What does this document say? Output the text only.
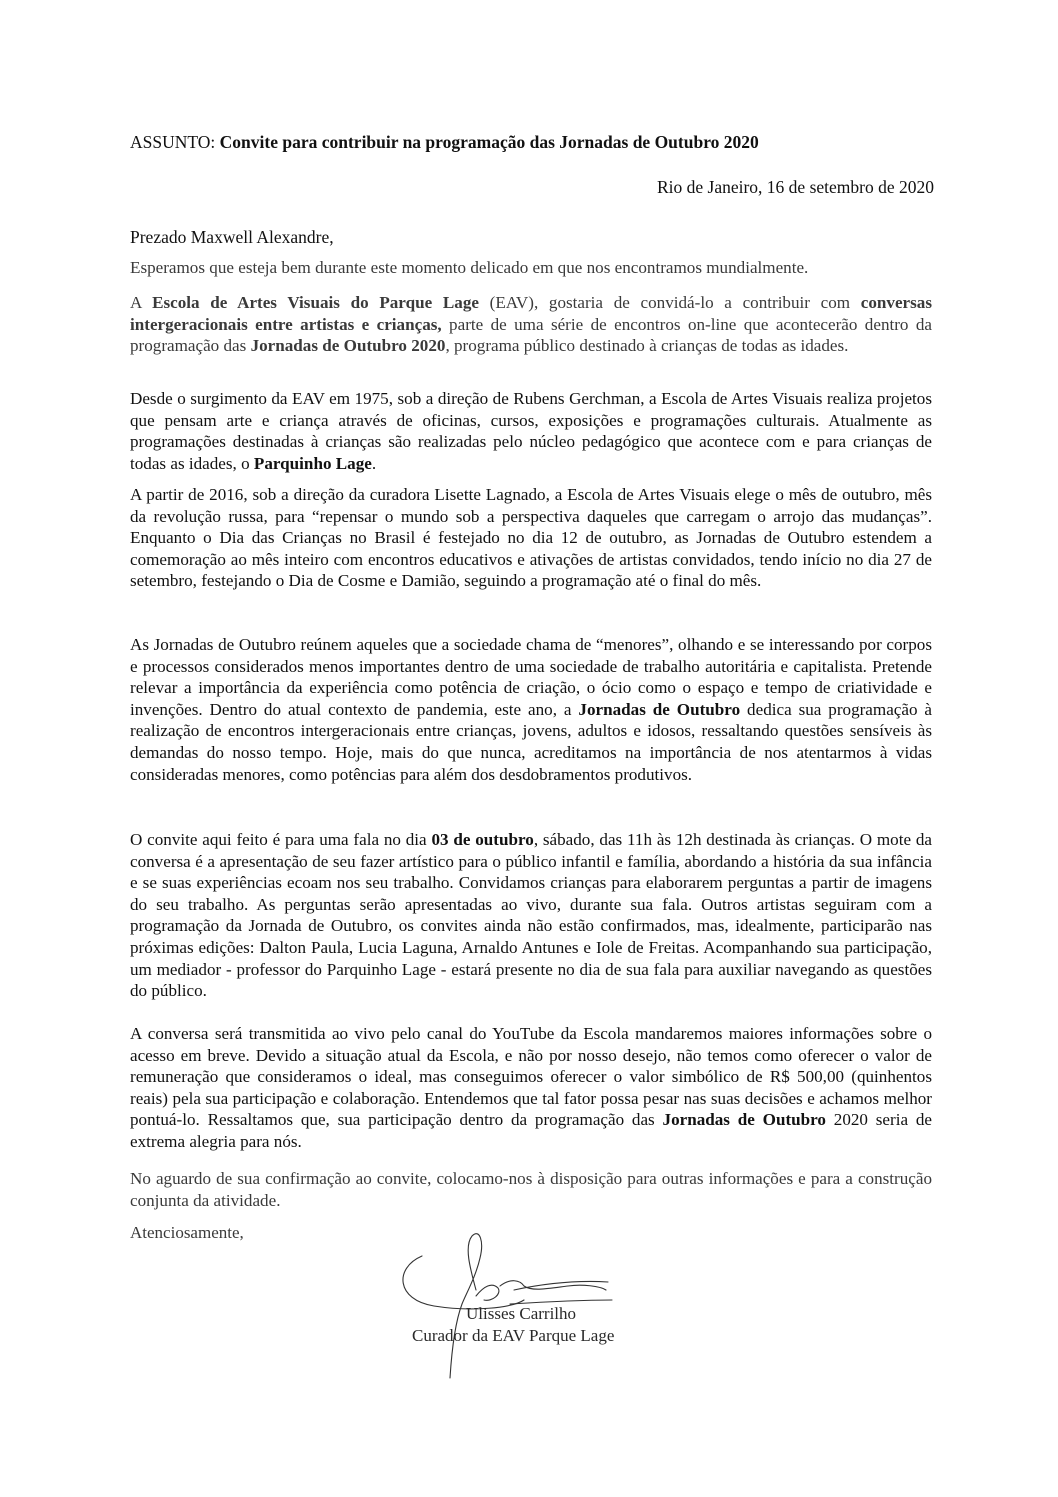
ASSUNTO: Convite para contribuir na programação das Jornadas de Outubro 2020
Rio de Janeiro, 16 de setembro de 2020
Prezado Maxwell Alexandre,

Esperamos que esteja bem durante este momento delicado em que nos encontramos mundialmente.

A Escola de Artes Visuais do Parque Lage (EAV), gostaria de convidá-lo a contribuir com conversas intergeracionais entre artistas e crianças, parte de uma série de encontros on-line que acontecerão dentro da programação das Jornadas de Outubro 2020, programa público destinado à crianças de todas as idades.

Desde o surgimento da EAV em 1975, sob a direção de Rubens Gerchman, a Escola de Artes Visuais realiza projetos que pensam arte e criança através de oficinas, cursos, exposições e programações culturais. Atualmente as programações destinadas à crianças são realizadas pelo núcleo pedagógico que acontece com e para crianças de todas as idades, o Parquinho Lage.

A partir de 2016, sob a direção da curadora Lisette Lagnado, a Escola de Artes Visuais elege o mês de outubro, mês da revolução russa, para “repensar o mundo sob a perspectiva daqueles que carregam o arrojo das mudanças”. Enquanto o Dia das Crianças no Brasil é festejado no dia 12 de outubro, as Jornadas de Outubro estendem a comemoração ao mês inteiro com encontros educativos e ativações de artistas convidados, tendo início no dia 27 de setembro, festejando o Dia de Cosme e Damião, seguindo a programação até o final do mês.

As Jornadas de Outubro reúnem aqueles que a sociedade chama de “menores”, olhando e se interessando por corpos e processos considerados menos importantes dentro de uma sociedade de trabalho autoritária e capitalista. Pretende relevar a importância da experiência como potência de criação, o ócio como o espaço e tempo de criatividade e invenções. Dentro do atual contexto de pandemia, este ano, a Jornadas de Outubro dedica sua programação à realização de encontros intergeracionais entre crianças, jovens, adultos e idosos, ressaltando questões sensíveis às demandas do nosso tempo. Hoje, mais do que nunca, acreditamos na importância de nos atentarmos à vidas consideradas menores, como potências para além dos desdobramentos produtivos.

O convite aqui feito é para uma fala no dia 03 de outubro, sábado, das 11h às 12h destinada às crianças. O mote da conversa é a apresentação de seu fazer artístico para o público infantil e família, abordando a história da sua infância e se suas experiências ecoam nos seu trabalho. Convidamos crianças para elaborarem perguntas a partir de imagens do seu trabalho. As perguntas serão apresentadas ao vivo, durante sua fala. Outros artistas seguiram com a programação da Jornada de Outubro, os convites ainda não estão confirmados, mas, idealmente, participarão nas próximas edições: Dalton Paula, Lucia Laguna, Arnaldo Antunes e Iole de Freitas. Acompanhando sua participação, um mediador - professor do Parquinho Lage - estará presente no dia de sua fala para auxiliar navegando as questões do público.

A conversa será transmitida ao vivo pelo canal do YouTube da Escola mandaremos maiores informações sobre o acesso em breve. Devido a situação atual da Escola, e não por nosso desejo, não temos como oferecer o valor de remuneração que consideramos o ideal, mas conseguimos oferecer o valor simbólico de R$ 500,00 (quinhentos reais) pela sua participação e colaboração. Entendemos que tal fator possa pesar nas suas decisões e achamos melhor pontuá-lo. Ressaltamos que, sua participação dentro da programação das Jornadas de Outubro 2020 seria de extrema alegria para nós.

No aguardo de sua confirmação ao convite, colocamo-nos à disposição para outras informações e para a construção conjunta da atividade.

Atenciosamente,
Ulisses Carrilho
Curador da EAV Parque Lage
